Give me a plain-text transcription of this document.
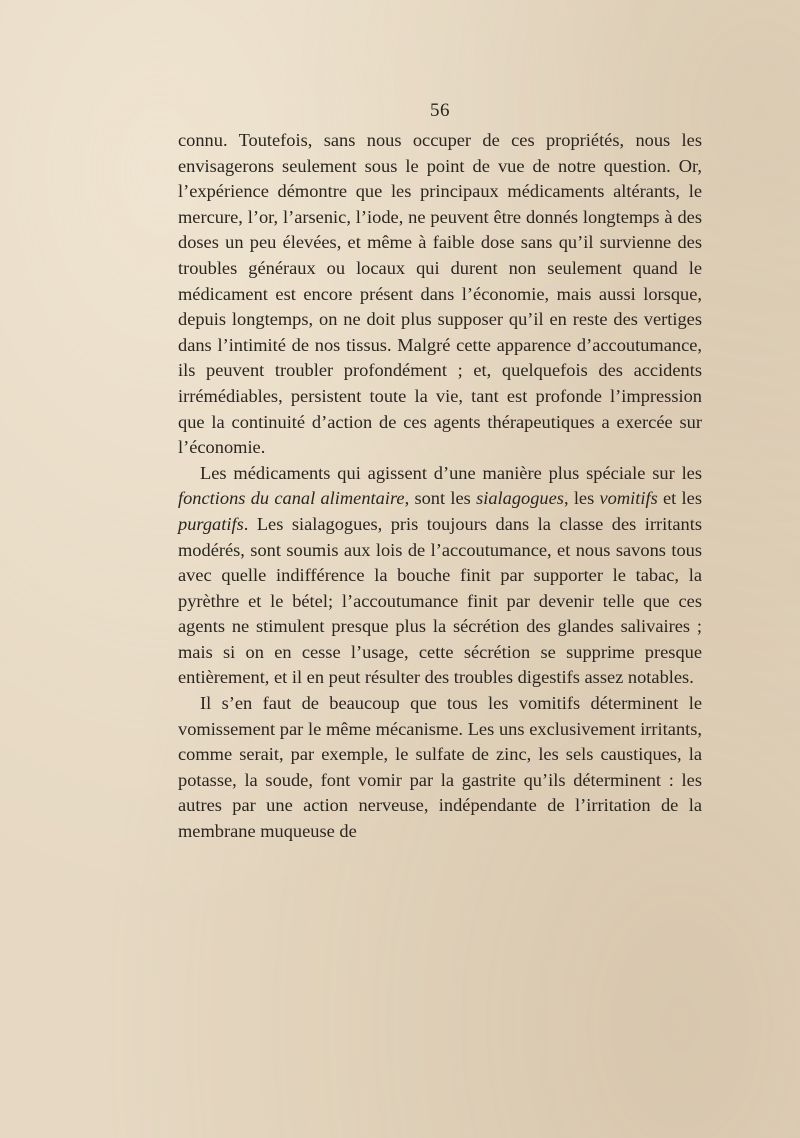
56

connu. Toutefois, sans nous occuper de ces propriétés, nous les envisagerons seulement sous le point de vue de notre question. Or, l’expérience démontre que les principaux médicaments altérants, le mercure, l’or, l’arsenic, l’iode, ne peuvent être donnés longtemps à des doses un peu élevées, et même à faible dose sans qu’il survienne des troubles généraux ou locaux qui durent non seulement quand le médicament est encore présent dans l’économie, mais aussi lorsque, depuis longtemps, on ne doit plus supposer qu’il en reste des vertiges dans l’intimité de nos tissus. Malgré cette apparence d’accoutumance, ils peuvent troubler profondément ; et, quelquefois des accidents irrémédiables, persistent toute la vie, tant est profonde l’impression que la continuité d’action de ces agents thérapeutiques a exercée sur l’économie.

Les médicaments qui agissent d’une manière plus spéciale sur les fonctions du canal alimentaire, sont les sialagogues, les vomitifs et les purgatifs. Les sialagogues, pris toujours dans la classe des irritants modérés, sont soumis aux lois de l’accoutumance, et nous savons tous avec quelle indifférence la bouche finit par supporter le tabac, la pyrèthre et le bétel; l’accoutumance finit par devenir telle que ces agents ne stimulent presque plus la sécrétion des glandes salivaires ; mais si on en cesse l’usage, cette sécrétion se supprime presque entièrement, et il en peut résulter des troubles digestifs assez notables.

Il s’en faut de beaucoup que tous les vomitifs déterminent le vomissement par le même mécanisme. Les uns exclusivement irritants, comme serait, par exemple, le sulfate de zinc, les sels caustiques, la potasse, la soude, font vomir par la gastrite qu’ils déterminent : les autres par une action nerveuse, indépendante de l’irritation de la membrane muqueuse de
